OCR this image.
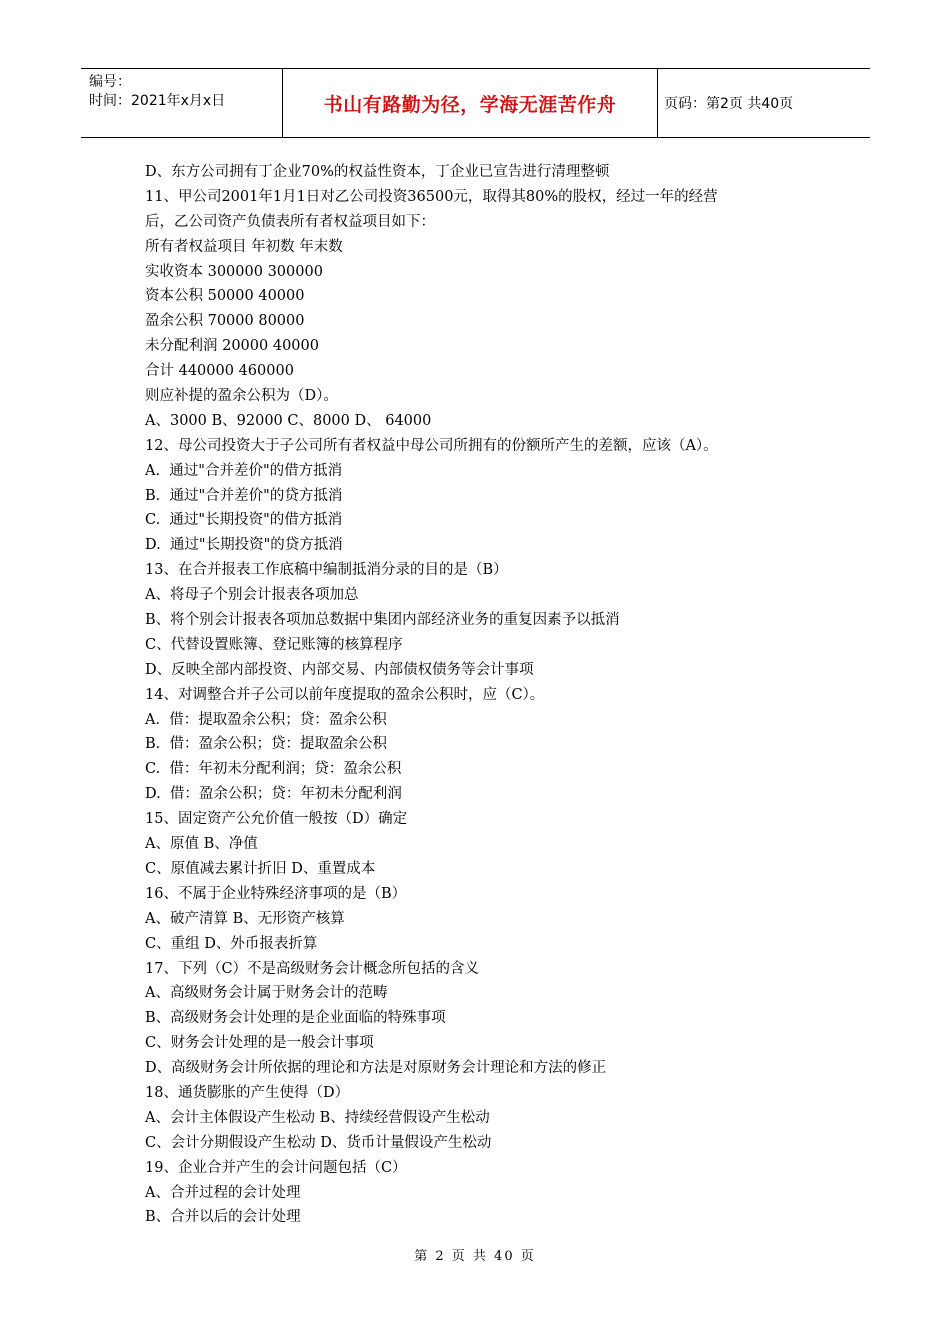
编号：
时间：2021年x月x日	书山有路勤为径，学海无涯苦作舟	页码：第2页 共40页
D、东方公司拥有丁企业70%的权益性资本，丁企业已宣告进行清理整顿
11、甲公司2001年1月1日对乙公司投资36500元，取得其80%的股权，经过一年的经营
后，乙公司资产负债表所有者权益项目如下：
所有者权益项目 年初数 年末数
实收资本 300000 300000
资本公积 50000 40000
盈余公积 70000 80000
未分配利润 20000 40000
合计 440000 460000
则应补提的盈余公积为（D）。
A、3000 B、92000 C、8000 D、 64000
12、母公司投资大于子公司所有者权益中母公司所拥有的份额所产生的差额，应该（A）。
A.  通过"合并差价"的借方抵消
B.  通过"合并差价"的贷方抵消
C.  通过"长期投资"的借方抵消
D.  通过"长期投资"的贷方抵消
13、在合并报表工作底稿中编制抵消分录的目的是（B）
A、将母子个别会计报表各项加总
B、将个别会计报表各项加总数据中集团内部经济业务的重复因素予以抵消
C、代替设置账簿、登记账簿的核算程序
D、反映全部内部投资、内部交易、内部债权债务等会计事项
14、对调整合并子公司以前年度提取的盈余公积时，应（C）。
A.  借：提取盈余公积；贷：盈余公积
B.  借：盈余公积；贷：提取盈余公积
C.  借：年初未分配利润；贷：盈余公积
D.  借：盈余公积；贷：年初未分配利润
15、固定资产公允价值一般按（D）确定
A、原值 B、净值
C、原值减去累计折旧 D、重置成本
16、不属于企业特殊经济事项的是（B）
A、破产清算 B、无形资产核算
C、重组 D、外币报表折算
17、下列（C）不是高级财务会计概念所包括的含义
A、高级财务会计属于财务会计的范畴
B、高级财务会计处理的是企业面临的特殊事项
C、财务会计处理的是一般会计事项
D、高级财务会计所依据的理论和方法是对原财务会计理论和方法的修正
18、通货膨胀的产生使得（D）
A、会计主体假设产生松动 B、持续经营假设产生松动
C、会计分期假设产生松动 D、货币计量假设产生松动
19、企业合并产生的会计问题包括（C）
A、合并过程的会计处理
B、合并以后的会计处理
第 2 页 共 40 页
